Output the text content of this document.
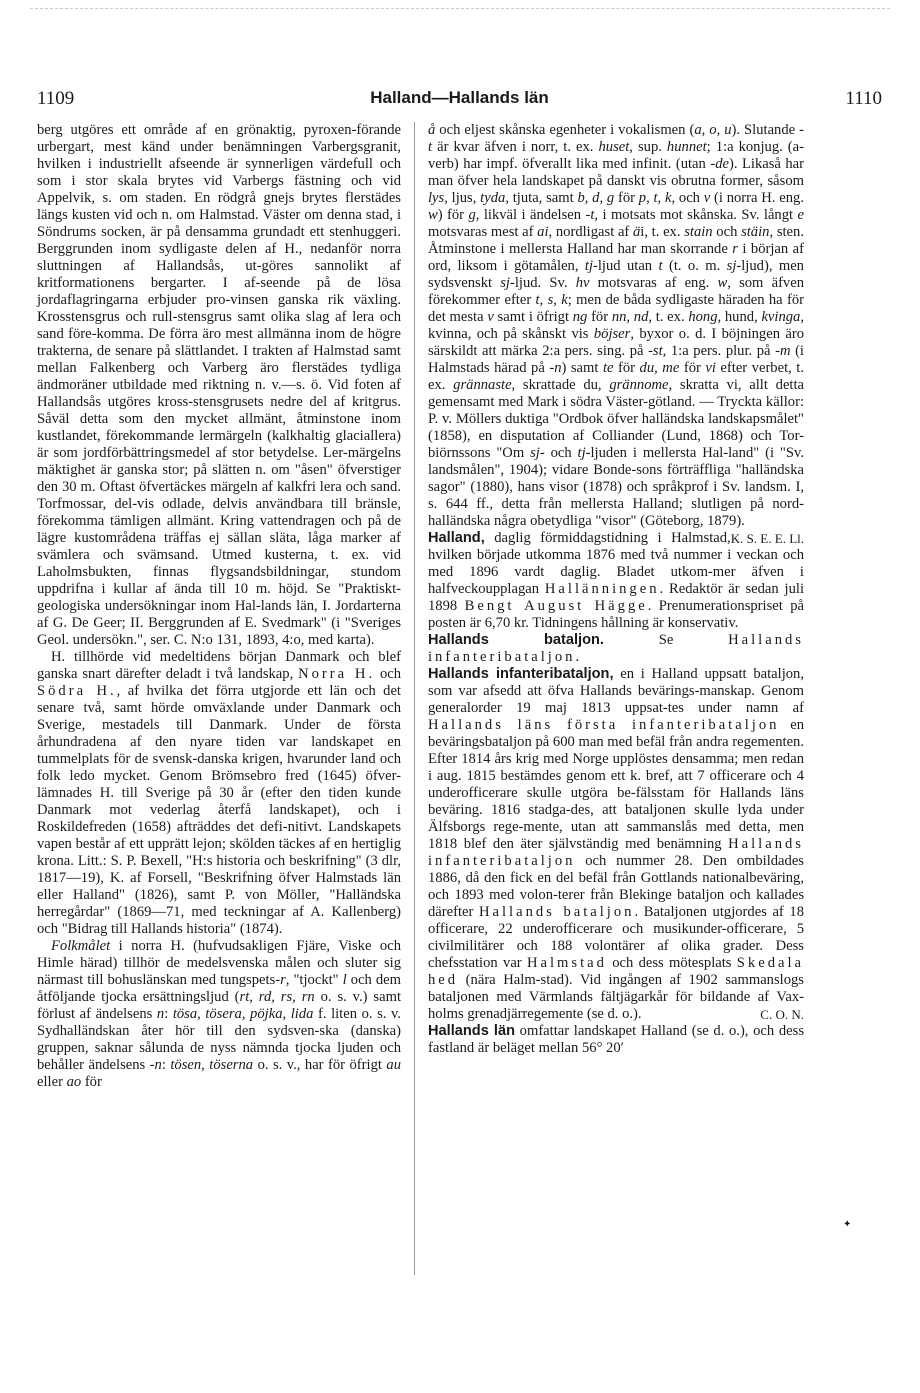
1109	Halland—Hallands län	1110

berg utgöres ett område af en grönaktig, pyroxen-förande urbergart, mest känd under benämningen Varbergsgranit, hvilken i industriellt afseende är synnerligen värdefull och som i stor skala brytes vid Varbergs fästning och vid Appelvik, s. om staden. En rödgrå gnejs brytes flerstädes längs kusten vid och n. om Halmstad. Väster om denna stad, i Söndrums socken, är på densamma grundadt ett stenhuggeri. Berggrunden inom sydligaste delen af H., nedanför norra sluttningen af Hallandsås, ut-göres sannolikt af kritformationens bergarter. I af-seende på de lösa jordaflagringarna erbjuder pro-vinsen ganska rik växling. Krosstensgrus och rull-stensgrus samt olika slag af lera och sand före-komma. De förra äro mest allmänna inom de högre trakterna, de senare på slättlandet. I trakten af Halmstad samt mellan Falkenberg och Varberg äro flerstädes tydliga ändmoräner utbildade med riktning n. v.—s. ö. Vid foten af Hallandsås utgöres kross-stensgrusets nedre del af kritgrus. Såväl detta som den mycket allmänt, åtminstone inom kustlandet, förekommande lermärgeln (kalkhaltig glaciallera) är som jordförbättringsmedel af stor betydelse. Ler-märgelns mäktighet är ganska stor; på slätten n. om "åsen" öfverstiger den 30 m. Oftast öfvertäckes märgeln af kalkfri lera och sand. Torfmossar, del-vis odlade, delvis användbara till bränsle, förekomma tämligen allmänt. Kring vattendragen och på de lägre kustområdena träffas ej sällan släta, låga marker af svämlera och svämsand. Utmed kusterna, t. ex. vid Laholmsbukten, finnas flygsandsbildningar, stundom uppdrifna i kullar af ända till 10 m. höjd. Se "Praktiskt-geologiska undersökningar inom Hal-lands län, I. Jordarterna af G. De Geer; II. Berggrunden af E. Svedmark" (i "Sveriges Geol. undersökn.", ser. C. N:o 131, 1893, 4:o, med karta).

H. tillhörde vid medeltidens början Danmark och blef ganska snart därefter deladt i två landskap, Norra H. och Södra H., af hvilka det förra utgjorde ett län och det senare två, samt hörde omväxlande under Danmark och Sverige, mestadels till Danmark. Under de första århundradena af den nyare tiden var landskapet en tummelplats för de svensk-danska krigen, hvarunder land och folk ledo mycket. Genom Brömsebro fred (1645) öfver-lämnades H. till Sverige på 30 år (efter den tiden kunde Danmark mot vederlag återfå landskapet), och i Roskildefreden (1658) afträddes det defi-nitivt. Landskapets vapen består af ett upprätt lejon; skölden täckes af en hertiglig krona. Litt.: S. P. Bexell, "H:s historia och beskrifning" (3 dlr, 1817—19), K. af Forsell, "Beskrifning öfver Halmstads län eller Halland" (1826), samt P. von Möller, "Halländska herregårdar" (1869—71, med teckningar af A. Kallenberg) och "Bidrag till Hallands historia" (1874).

Folkmålet i norra H. (hufvudsakligen Fjäre, Viske och Himle härad) tillhör de medelsvenska målen och sluter sig närmast till bohuslänskan med tungspets-r, "tjockt" l och dem åtföljande tjocka ersättningsljud (rt, rd, rs, rn o. s. v.) samt förlust af ändelsens n: tösa, tösera, pöjka, lida f. liten o. s. v. Sydhalländskan åter hör till den sydsven-ska (danska) gruppen, saknar sålunda de nyss nämnda tjocka ljuden och behåller ändelsens -n: tösen, töserna o. s. v., har för öfrigt au eller ao för

å och eljest skånska egenheter i vokalismen (a, o, u). Slutande -t är kvar äfven i norr, t. ex. huset, sup. hunnet; 1:a konjug. (a-verb) har impf. öfverallt lika med infinit. (utan -de). Likaså har man öfver hela landskapet på danskt vis obrutna former, såsom lys, ljus, tyda, tjuta, samt b, d, g för p, t, k, och v (i norra H. eng. w) för g, likväl i ändelsen -t, i motsats mot skånska. Sv. långt e motsvaras mest af ai, nordligast af äi, t. ex. stain och stäin, sten. Åtminstone i mellersta Halland har man skorrande r i början af ord, liksom i götamålen, tj-ljud utan t (t. o. m. sj-ljud), men sydsvenskt sj-ljud. Sv. hv motsvaras af eng. w, som äfven förekommer efter t, s, k; men de båda sydligaste häraden ha för det mesta v samt i öfrigt ng för nn, nd, t. ex. hong, hund, kvinga, kvinna, och på skånskt vis böjser, byxor o. d. I böjningen äro särskildt att märka 2:a pers. sing. på -st, 1:a pers. plur. på -m (i Halmstads härad på -n) samt te för du, me för vi efter verbet, t. ex. grännaste, skrattade du, grännome, skratta vi, allt detta gemensamt med Mark i södra Väster-götland. — Tryckta källor: P. v. Möllers duktiga "Ordbok öfver halländska landskapsmålet" (1858), en disputation af Colliander (Lund, 1868) och Tor-biörnssons "Om sj- och tj-ljuden i mellersta Hal-land" (i "Sv. landsmålen", 1904); vidare Bonde-sons förträffliga "halländska sagor" (1880), hans visor (1878) och språkprof i Sv. landsm. I, s. 644 ff., detta från mellersta Halland; slutligen på nord-halländska några obetydliga "visor" (Göteborg, 1879).
K. S. E. E. Ll.

Halland, daglig förmiddagstidning i Halmstad, hvilken började utkomma 1876 med två nummer i veckan och med 1896 vardt daglig. Bladet utkom-mer äfven i halfveckoupplagan Hallänningen. Redaktör är sedan juli 1898 Bengt August Hägge. Prenumerationspriset på posten är 6,70 kr. Tidningens hållning är konservativ.

Hallands bataljon. Se Hallands infanteribataljon.

Hallands infanteribataljon, en i Halland uppsatt bataljon, som var afsedd att öfva Hallands bevärings-manskap. Genom generalorder 19 maj 1813 uppsat-tes under namn af Hallands läns första infanteribataljon en beväringsbataljon på 600 man med befäl från andra regementen. Efter 1814 års krig med Norge upplöstes densamma; men redan i aug. 1815 bestämdes genom ett k. bref, att 7 officerare och 4 underofficerare skulle utgöra be-fälsstam för Hallands läns beväring. 1816 stadga-des, att bataljonen skulle lyda under Älfsborgs rege-mente, utan att sammanslås med detta, men 1818 blef den äter självständig med benämning Hallands infanteribataljon och nummer 28. Den ombildades 1886, då den fick en del befäl från Gottlands nationalbeväring, och 1893 med volon-terer från Blekinge bataljon och kallades därefter Hallands bataljon. Bataljonen utgjordes af 18 officerare, 22 underofficerare och musikunder-officerare, 5 civilmilitärer och 188 volontärer af olika grader. Dess chefsstation var Halmstad och dess mötesplats Skedala hed (nära Halm-stad). Vid ingången af 1902 sammanslogs bataljonen med Värmlands fältjägarkår för bildande af Vax-holms grenadjärregemente (se d. o.).	C. O. N.

Hallands län omfattar landskapet Halland (se d. o.), och dess fastland är beläget mellan 56° 20′

✦
